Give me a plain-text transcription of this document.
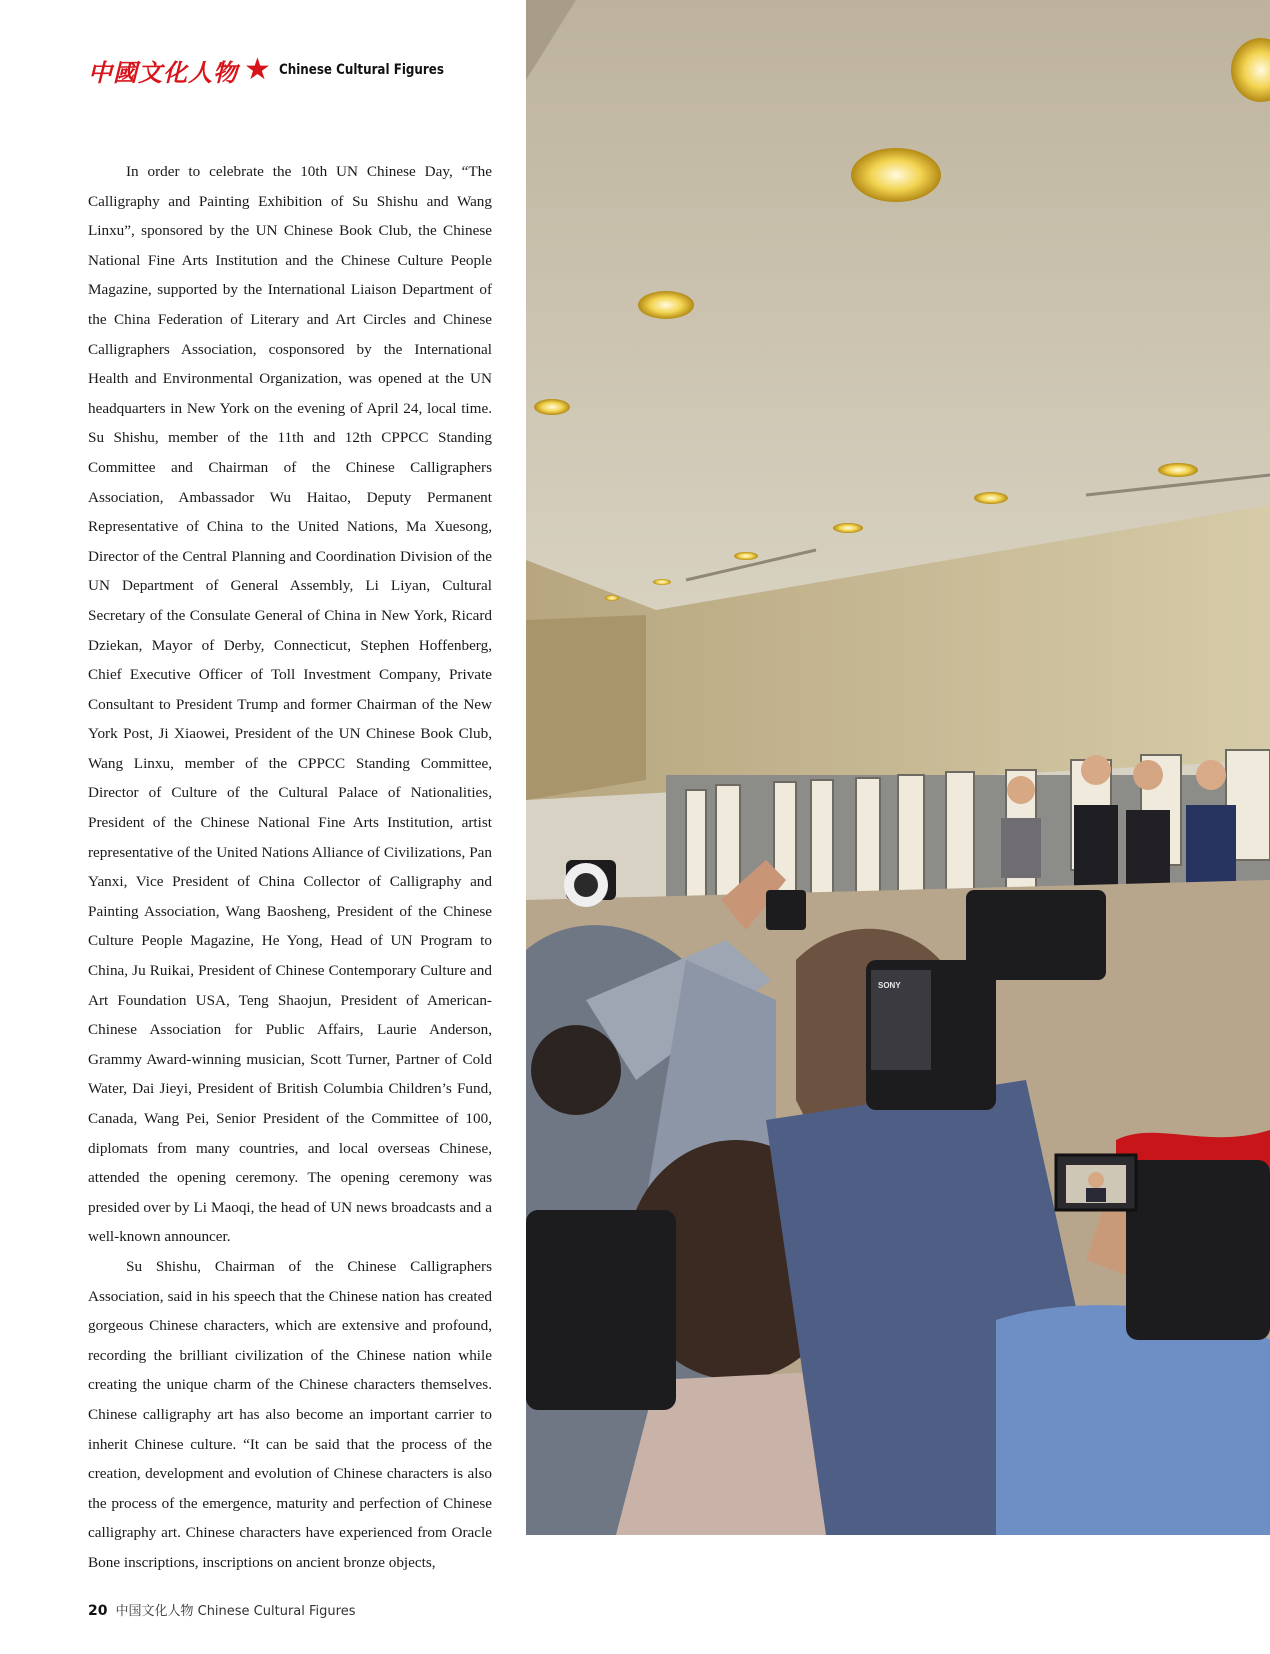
中國文化人物 ★ Chinese Cultural Figures

In order to celebrate the 10th UN Chinese Day, “The Calligraphy and Painting Exhibition of Su Shishu and Wang Linxu”, sponsored by the UN Chinese Book Club, the Chinese National Fine Arts Institution and the Chinese Culture People Magazine, supported by the International Liaison Department of the China Federation of Literary and Art Circles and Chinese Calligraphers Association, cosponsored by the International Health and Environmental Organization, was opened at the UN headquarters in New York on the evening of April 24, local time. Su Shishu, member of the 11th and 12th CPPCC Standing Committee and Chairman of the Chinese Calligraphers Association, Ambassador Wu Haitao, Deputy Permanent Representative of China to the United Nations, Ma Xuesong, Director of the Central Planning and Coordination Division of the UN Department of General Assembly, Li Liyan, Cultural Secretary of the Consulate General of China in New York, Ricard Dziekan, Mayor of Derby, Connecticut, Stephen Hoffenberg, Chief Executive Officer of Toll Investment Company, Private Consultant to President Trump and former Chairman of the New York Post, Ji Xiaowei, President of the UN Chinese Book Club, Wang Linxu, member of the CPPCC Standing Committee, Director of Culture of the Cultural Palace of Nationalities, President of the Chinese National Fine Arts Institution, artist representative of the United Nations Alliance of Civilizations, Pan Yanxi, Vice President of China Collector of Calligraphy and Painting Association, Wang Baosheng, President of the Chinese Culture People Magazine, He Yong, Head of UN Program to China, Ju Ruikai, President of Chinese Contemporary Culture and Art Foundation USA, Teng Shaojun, President of American-Chinese Association for Public Affairs, Laurie Anderson, Grammy Award-winning musician, Scott Turner, Partner of Cold Water, Dai Jieyi, President of British Columbia Children’s Fund, Canada, Wang Pei, Senior President of the Committee of 100, diplomats from many countries, and local overseas Chinese, attended the opening ceremony. The opening ceremony was presided over by Li Maoqi, the head of UN news broadcasts and a well-known announcer.

Su Shishu, Chairman of the Chinese Calligraphers Association, said in his speech that the Chinese nation has created gorgeous Chinese characters, which are extensive and profound, recording the brilliant civilization of the Chinese nation while creating the unique charm of the Chinese characters themselves. Chinese calligraphy art has also become an important carrier to inherit Chinese culture. “It can be said that the process of the creation, development and evolution of Chinese characters is also the process of the emergence, maturity and perfection of Chinese calligraphy art. Chinese characters have experienced from Oracle Bone inscriptions, inscriptions on ancient bronze objects,

SONY
20 中国文化人物 Chinese Cultural Figures
